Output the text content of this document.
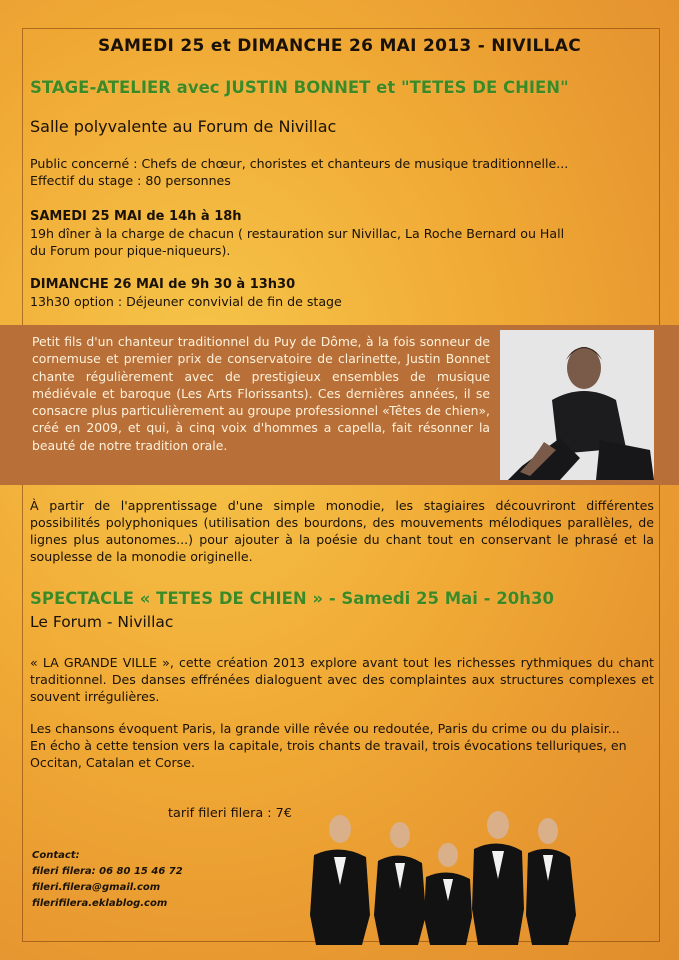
SAMEDI 25 et DIMANCHE 26 MAI 2013 - NIVILLAC
STAGE-ATELIER avec JUSTIN BONNET et "TETES DE CHIEN"
Salle polyvalente au Forum de Nivillac
Public concerné : Chefs de chœur, choristes et chanteurs de musique traditionnelle...
Effectif du stage : 80 personnes
SAMEDI 25 MAI de 14h à 18h
19h dîner à la charge de chacun ( restauration sur Nivillac, La Roche Bernard ou Hall
du Forum pour pique-niqueurs).
DIMANCHE 26 MAI de 9h 30 à 13h30
13h30 option : Déjeuner convivial de fin de stage
Petit fils d'un chanteur traditionnel du Puy de Dôme, à la fois sonneur de cornemuse et premier prix de conservatoire de clarinette, Justin Bonnet chante régulièrement avec de prestigieux ensembles de musique médiévale et baroque (Les Arts Florissants). Ces dernières années, il se consacre plus particulièrement au groupe professionnel «Têtes de chien», créé en 2009, et qui, à cinq voix d'hommes a capella, fait résonner la beauté de notre tradition orale.
À partir de l'apprentissage d'une simple monodie, les stagiaires découvriront différentes possibilités polyphoniques (utilisation des bourdons, des mouvements mélodiques parallèles, de lignes plus autonomes...) pour ajouter à la poésie du chant tout en conservant le phrasé et la souplesse de la monodie originelle.
SPECTACLE « TETES DE CHIEN » - Samedi 25 Mai - 20h30
Le Forum - Nivillac
« LA GRANDE VILLE », cette création 2013 explore avant tout les richesses rythmiques du chant traditionnel. Des danses effrénées dialoguent avec des complaintes aux structures complexes et souvent irrégulières.
Les chansons évoquent Paris, la grande ville rêvée ou redoutée, Paris du crime ou du plaisir...
En écho à cette tension vers la capitale, trois chants de travail, trois évocations telluriques, en Occitan, Catalan et Corse.
tarif fileri filera : 7€
Contact:
fileri filera: 06 80 15 46 72
fileri.filera@gmail.com
filerifilera.eklablog.com
